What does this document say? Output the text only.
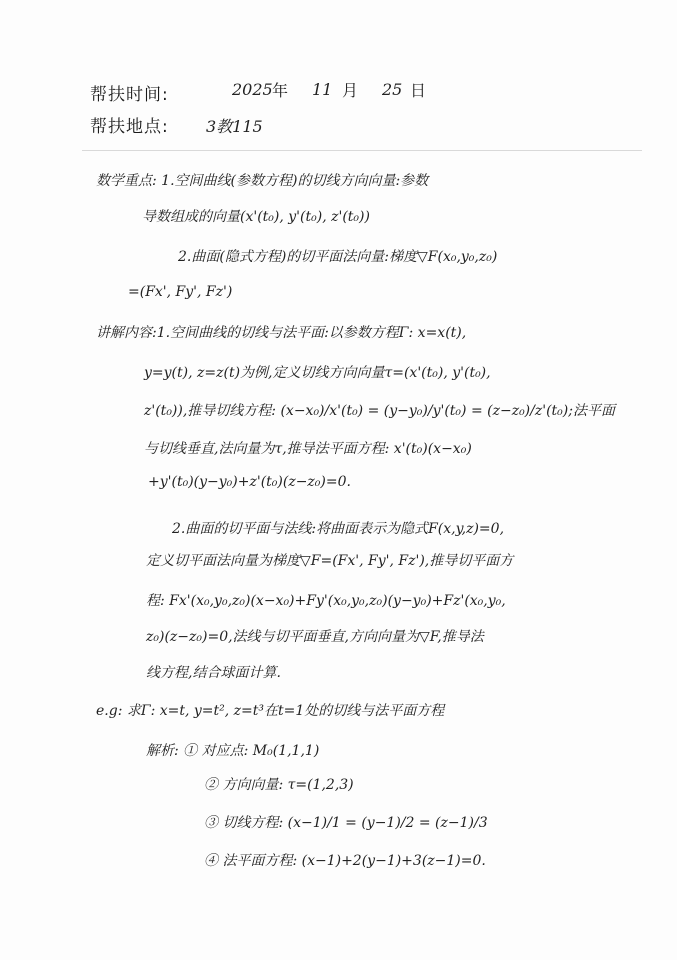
帮扶时间:	2025 年 11 月 25 日
帮扶地点: 3教115
数学重点: 1.空间曲线(参数方程)的切线方向向量:参数
导数组成的向量(x'(t₀), y'(t₀), z'(t₀))
2.曲面(隐式方程)的切平面法向量:梯度▽F(x₀,y₀,z₀)
=(Fx', Fy', Fz')
讲解内容:1.空间曲线的切线与法平面:以参数方程Γ: x=x(t),
y=y(t), z=z(t)为例,定义切线方向向量τ=(x'(t₀), y'(t₀),
z'(t₀)),推导切线方程: (x−x₀)/x'(t₀) = (y−y₀)/y'(t₀) = (z−z₀)/z'(t₀);法平面
与切线垂直,法向量为τ,推导法平面方程: x'(t₀)(x−x₀)
+y'(t₀)(y−y₀)+z'(t₀)(z−z₀)=0.
2.曲面的切平面与法线:将曲面表示为隐式F(x,y,z)=0,
定义切平面法向量为梯度▽F=(Fx', Fy', Fz'),推导切平面方
程: Fx'(x₀,y₀,z₀)(x−x₀)+Fy'(x₀,y₀,z₀)(y−y₀)+Fz'(x₀,y₀,
z₀)(z−z₀)=0,法线与切平面垂直,方向向量为▽F,推导法
线方程,结合球面计算.
e.g: 求Γ: x=t, y=t², z=t³在t=1处的切线与法平面方程
解析: ① 对应点: M₀(1,1,1)
② 方向向量: τ=(1,2,3)
③ 切线方程: (x−1)/1 = (y−1)/2 = (z−1)/3
④ 法平面方程: (x−1)+2(y−1)+3(z−1)=0.
